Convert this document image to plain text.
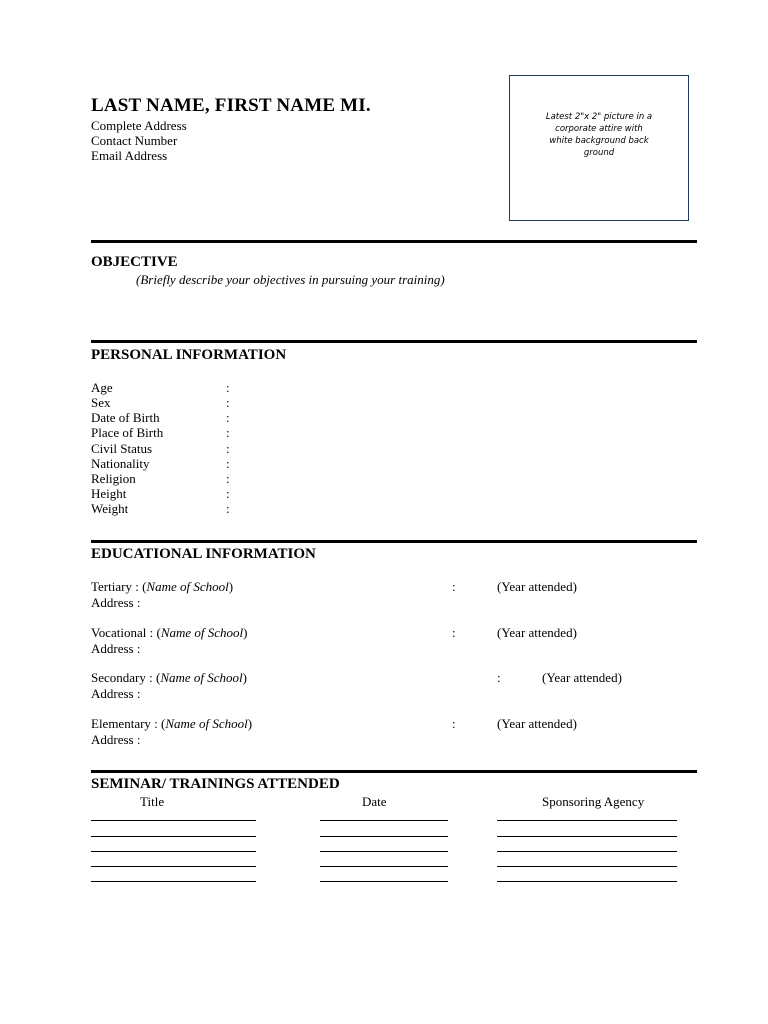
LAST NAME, FIRST NAME MI.
Complete Address
Contact Number
Email Address
Latest 2"x 2" picture in a
corporate attire with
white background back
ground
OBJECTIVE
(Briefly describe your objectives in pursuing your training)
PERSONAL INFORMATION
Age	:
Sex	:
Date of Birth	:
Place of Birth	:
Civil Status	:
Nationality	:
Religion	:
Height	:
Weight	:
EDUCATIONAL INFORMATION
Tertiary : (Name of School)	:	(Year attended)
Address :
Vocational : (Name of School)	:	(Year attended)
Address :
Secondary : (Name of School)	:	(Year attended)
Address :
Elementary : (Name of School)	:	(Year attended)
Address :
SEMINAR/ TRAININGS ATTENDED
Title	Date	Sponsoring Agency
